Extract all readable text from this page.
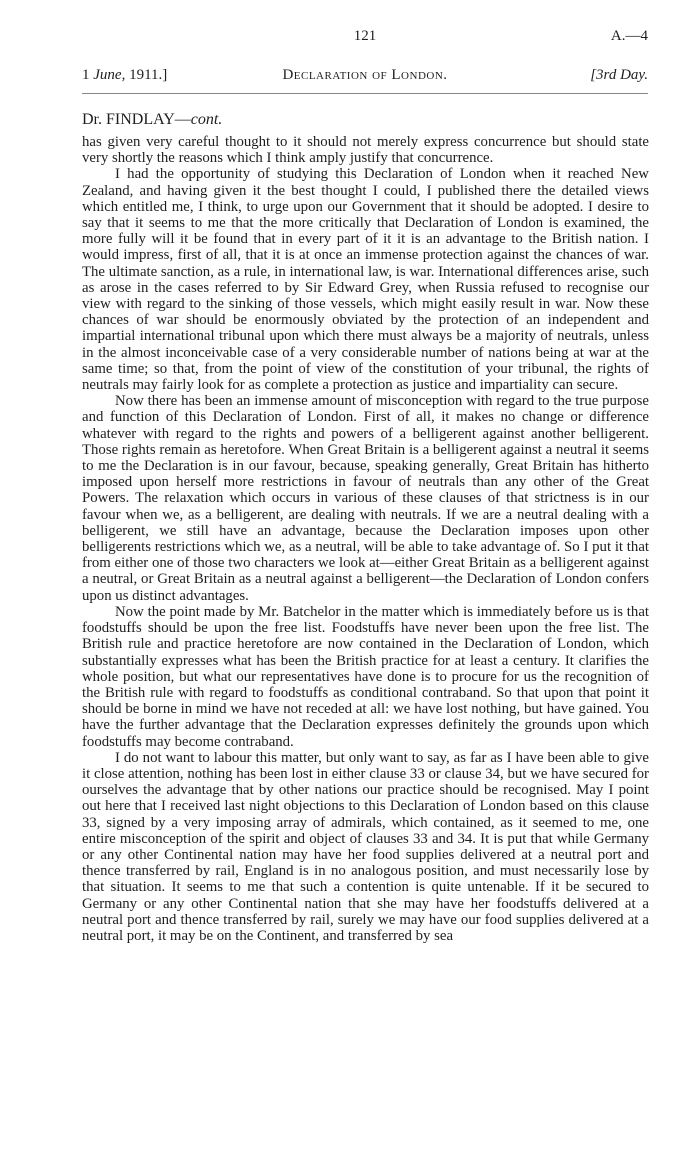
121	A.—4
1 June, 1911.]	Declaration of London.	[3rd Day.
Dr. FINDLAY—cont.

has given very careful thought to it should not merely express concurrence but should state very shortly the reasons which I think amply justify that concurrence.

I had the opportunity of studying this Declaration of London when it reached New Zealand, and having given it the best thought I could, I published there the detailed views which entitled me, I think, to urge upon our Government that it should be adopted. I desire to say that it seems to me that the more critically that Declaration of London is examined, the more fully will it be found that in every part of it it is an advantage to the British nation. I would impress, first of all, that it is at once an immense protection against the chances of war. The ultimate sanction, as a rule, in international law, is war. International differences arise, such as arose in the cases referred to by Sir Edward Grey, when Russia refused to recognise our view with regard to the sinking of those vessels, which might easily result in war. Now these chances of war should be enormously obviated by the protection of an independent and impartial international tribunal upon which there must always be a majority of neutrals, unless in the almost inconceivable case of a very considerable number of nations being at war at the same time; so that, from the point of view of the constitution of your tribunal, the rights of neutrals may fairly look for as complete a protection as justice and impartiality can secure.

Now there has been an immense amount of misconception with regard to the true purpose and function of this Declaration of London. First of all, it makes no change or difference whatever with regard to the rights and powers of a belligerent against another belligerent. Those rights remain as heretofore. When Great Britain is a belligerent against a neutral it seems to me the Declaration is in our favour, because, speaking generally, Great Britain has hitherto imposed upon herself more restrictions in favour of neutrals than any other of the Great Powers. The relaxation which occurs in various of these clauses of that strictness is in our favour when we, as a belligerent, are dealing with neutrals. If we are a neutral dealing with a belligerent, we still have an advantage, because the Declaration imposes upon other belligerents restrictions which we, as a neutral, will be able to take advantage of. So I put it that from either one of those two characters we look at—either Great Britain as a belligerent against a neutral, or Great Britain as a neutral against a belligerent—the Declaration of London confers upon us distinct advantages.

Now the point made by Mr. Batchelor in the matter which is immediately before us is that foodstuffs should be upon the free list. Foodstuffs have never been upon the free list. The British rule and practice heretofore are now contained in the Declaration of London, which substantially expresses what has been the British practice for at least a century. It clarifies the whole position, but what our representatives have done is to procure for us the recognition of the British rule with regard to foodstuffs as conditional contraband. So that upon that point it should be borne in mind we have not receded at all: we have lost nothing, but have gained. You have the further advantage that the Declaration expresses definitely the grounds upon which foodstuffs may become contraband.

I do not want to labour this matter, but only want to say, as far as I have been able to give it close attention, nothing has been lost in either clause 33 or clause 34, but we have secured for ourselves the advantage that by other nations our practice should be recognised. May I point out here that I received last night objections to this Declaration of London based on this clause 33, signed by a very imposing array of admirals, which contained, as it seemed to me, one entire misconception of the spirit and object of clauses 33 and 34. It is put that while Germany or any other Continental nation may have her food supplies delivered at a neutral port and thence transferred by rail, England is in no analogous position, and must necessarily lose by that situation. It seems to me that such a contention is quite untenable. If it be secured to Germany or any other Continental nation that she may have her foodstuffs delivered at a neutral port and thence transferred by rail, surely we may have our food supplies delivered at a neutral port, it may be on the Continent, and transferred by sea
